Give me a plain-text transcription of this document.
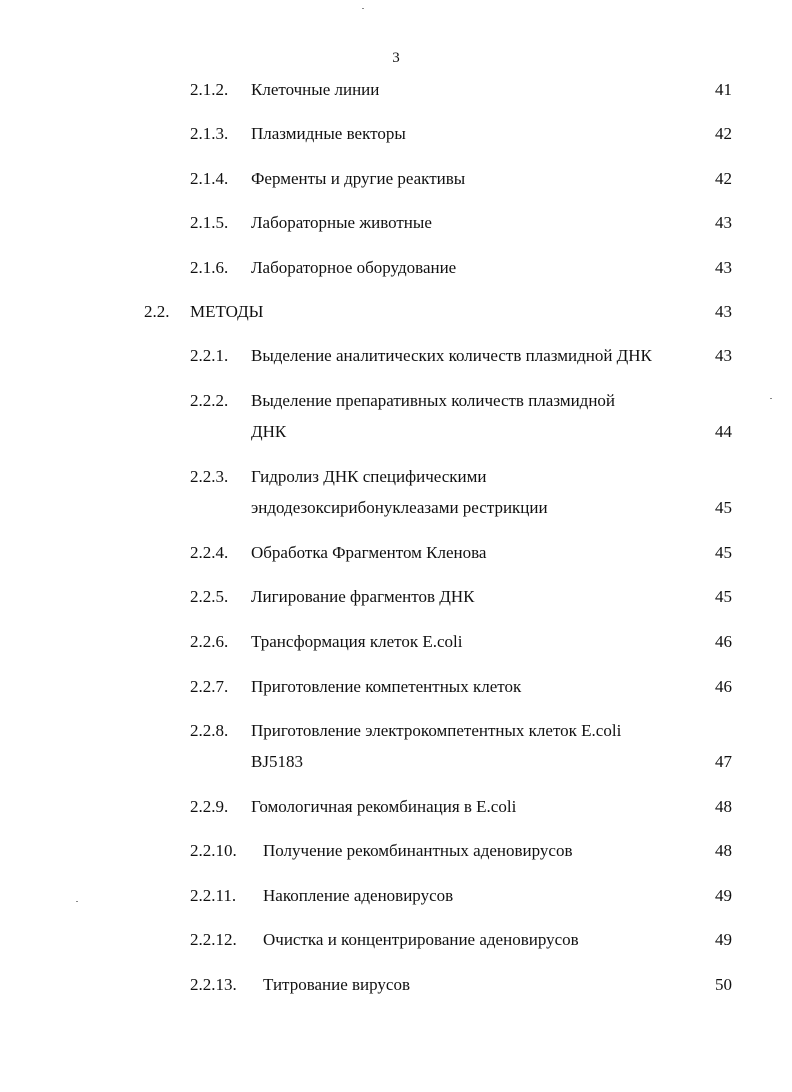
3
2.1.2. Клеточные линии	41
2.1.3. Плазмидные векторы	42
2.1.4. Ферменты и другие реактивы	42
2.1.5. Лабораторные животные	43
2.1.6. Лабораторное оборудование	43
2.2. МЕТОДЫ	43
2.2.1. Выделение аналитических количеств плазмидной ДНК	43
2.2.2. Выделение препаративных количеств плазмидной
ДНК	44
2.2.3. Гидролиз ДНК специфическими
эндодезоксирибонуклеазами рестрикции	45
2.2.4. Обработка Фрагментом Кленова	45
2.2.5. Лигирование фрагментов ДНК	45
2.2.6. Трансформация клеток E.coli	46
2.2.7. Приготовление компетентных клеток	46
2.2.8. Приготовление электрокомпетентных клеток E.coli
BJ5183	47
2.2.9. Гомологичная рекомбинация в E.coli	48
2.2.10. Получение рекомбинантных аденовирусов	48
2.2.11. Накопление аденовирусов	49
2.2.12. Очистка и концентрирование аденовирусов	49
2.2.13. Титрование вирусов	50
